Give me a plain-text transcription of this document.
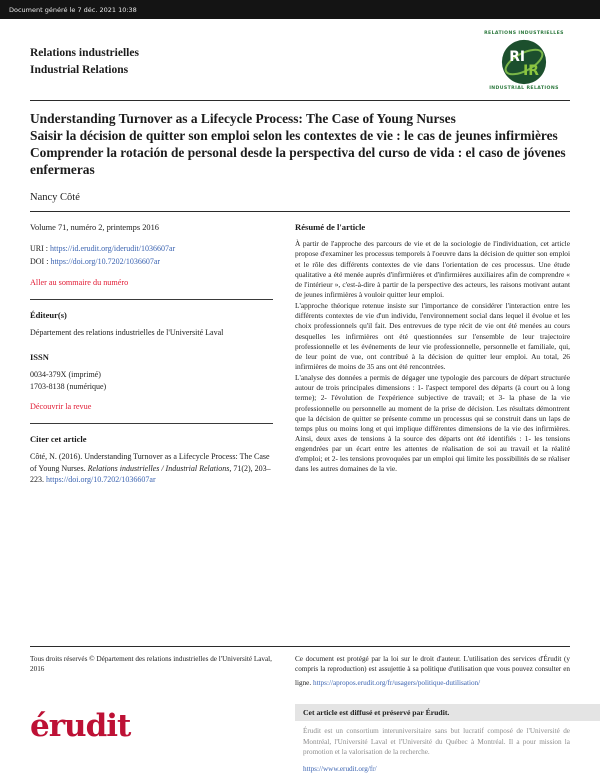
Document généré le 7 déc. 2021 10:38
Relations industrielles
Industrial Relations
RELATIONS INDUSTRIELLES
RI
IR
INDUSTRIAL RELATIONS
Understanding Turnover as a Lifecycle Process: The Case of Young Nurses
Saisir la décision de quitter son emploi selon les contextes de vie : le cas de jeunes infirmières
Comprender la rotación de personal desde la perspectiva del curso de vida : el caso de jóvenes enfermeras
Nancy Côté
Volume 71, numéro 2, printemps 2016
URI : https://id.erudit.org/iderudit/1036607ar
DOI : https://doi.org/10.7202/1036607ar
Aller au sommaire du numéro
Éditeur(s)
Département des relations industrielles de l'Université Laval
ISSN
0034-379X (imprimé)
1703-8138 (numérique)
Découvrir la revue
Citer cet article
Côté, N. (2016). Understanding Turnover as a Lifecycle Process: The Case of Young Nurses. Relations industrielles / Industrial Relations, 71(2), 203–223. https://doi.org/10.7202/1036607ar
Résumé de l'article

À partir de l'approche des parcours de vie et de la sociologie de l'individuation, cet article propose d'examiner les processus temporels à l'oeuvre dans la décision de quitter son emploi et le rôle des différents contextes de vie dans l'orientation de ces processus. Une étude qualitative a été menée auprès d'infirmières et d'infirmières auxiliaires afin de comprendre « de l'intérieur », c'est-à-dire à partir de la perspective des acteurs, les raisons motivant autant de jeunes infirmières à vouloir quitter leur emploi.

L'approche théorique retenue insiste sur l'importance de considérer l'interaction entre les différents contextes de vie d'un individu, l'environnement social dans lequel il évolue et les choix professionnels qu'il fait. Des entrevues de type récit de vie ont été menées au cours desquelles les infirmières ont été questionnées sur l'ensemble de leur trajectoire professionnelle et les événements de leur vie professionnelle, personnelle et familiale, qui, de leur point de vue, ont contribué à la décision de quitter leur emploi. Au total, 26 infirmières de moins de 35 ans ont été rencontrées.

L'analyse des données a permis de dégager une typologie des parcours de départ structurée autour de trois principales dimensions : 1- l'aspect temporel des départs (à court ou à long terme); 2- l'évolution de l'expérience subjective de travail; et 3- la phase de la vie professionnelle ou personnelle au moment de la prise de décision. Les résultats démontrent que la décision de quitter se présente comme un processus qui se construit dans un laps de temps plus ou moins long et qui implique différentes dimensions de la vie des infirmières. Ainsi, deux axes de tensions à la source des départs ont été identifiés : 1- les tensions engendrées par un écart entre les attentes de réalisation de soi au travail et la réalité d'emploi; et 2- les tensions provoquées par un emploi qui limite les possibilités de se réaliser dans les autres domaines de la vie.

Tous droits réservés © Département des relations industrielles de l'Université Laval, 2016
Ce document est protégé par la loi sur le droit d'auteur. L'utilisation des services d'Érudit (y compris la reproduction) est assujettie à sa politique d'utilisation que vous pouvez consulter en ligne. https://apropos.erudit.org/fr/usagers/politique-dutilisation/
érudit	Cet article est diffusé et préservé par Érudit.
Érudit est un consortium interuniversitaire sans but lucratif composé de l'Université de Montréal, l'Université Laval et l'Université du Québec à Montréal. Il a pour mission la promotion et la valorisation de la recherche.
https://www.erudit.org/fr/
